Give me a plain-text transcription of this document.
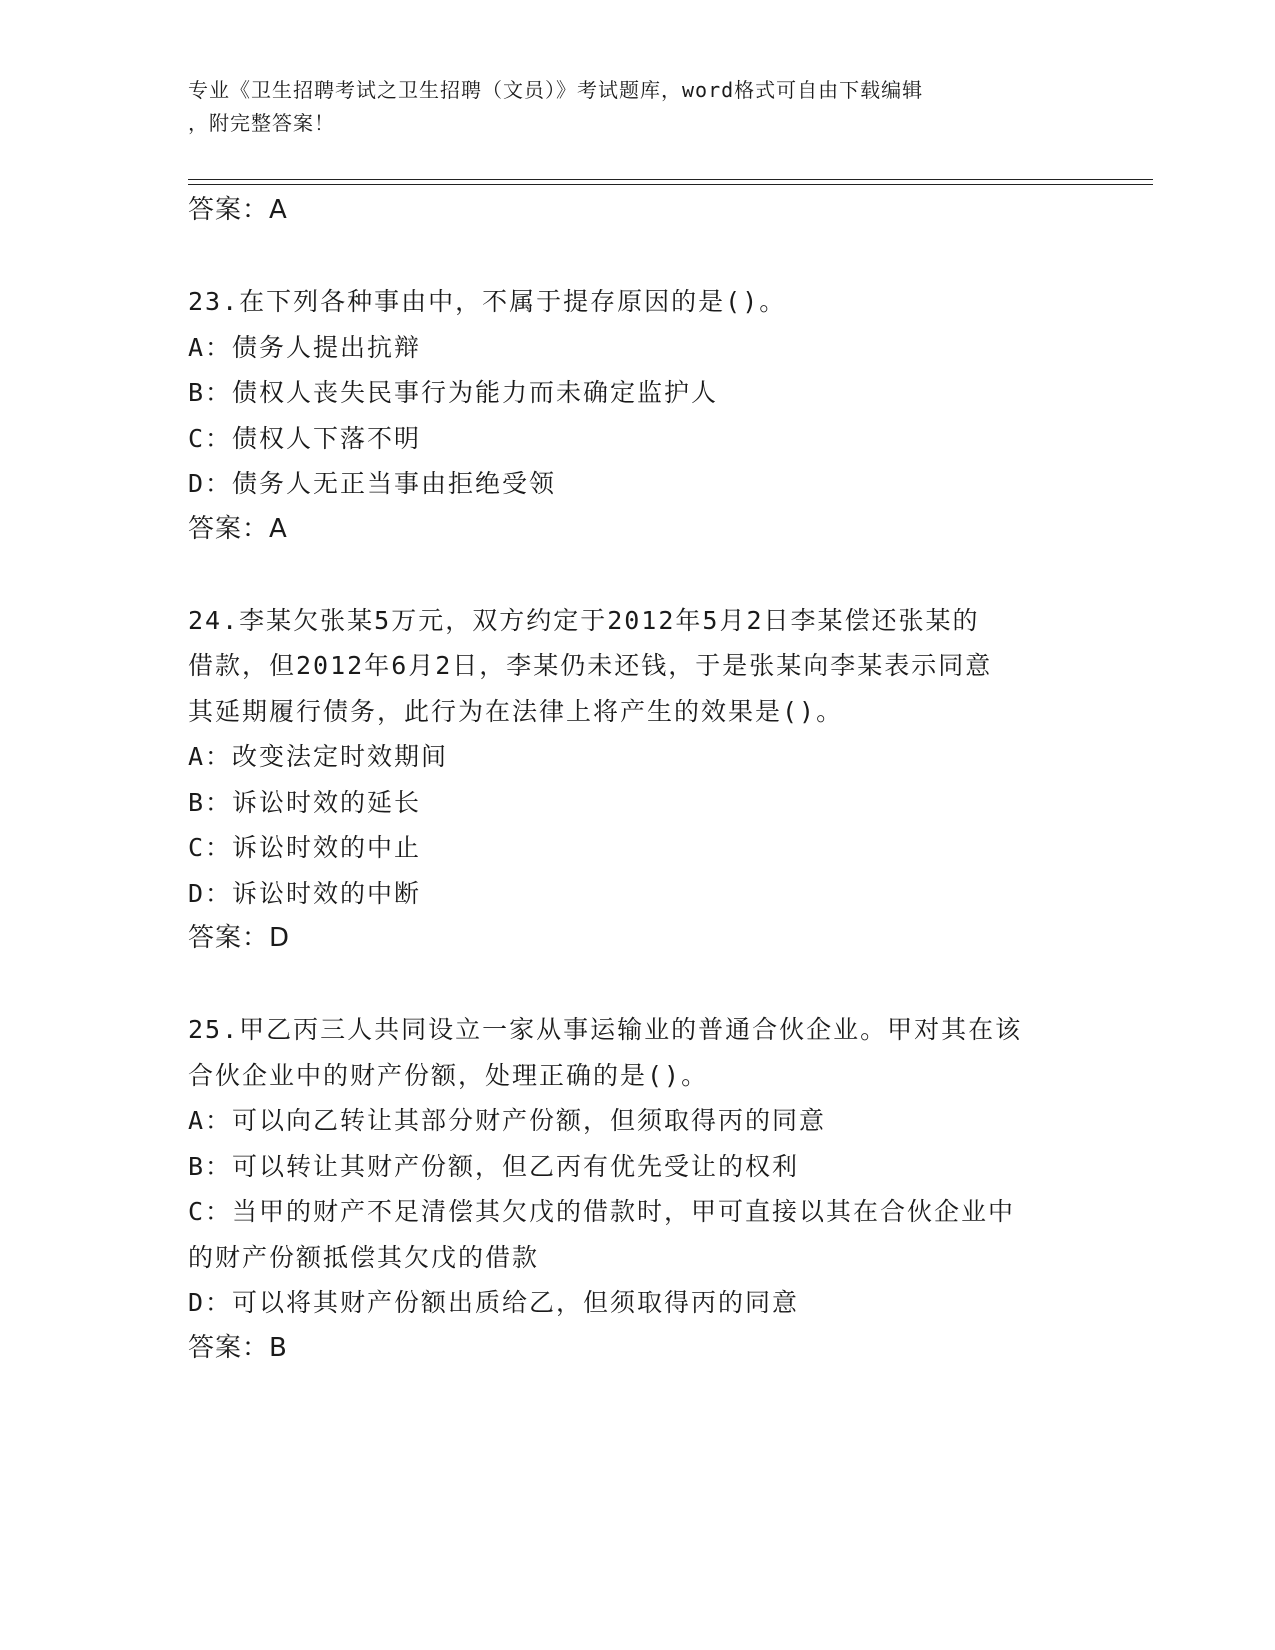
专业《卫生招聘考试之卫生招聘（文员）》考试题库，word格式可自由下载编辑
，附完整答案！
答案：A
23.在下列各种事由中，不属于提存原因的是()。
A：债务人提出抗辩
B：债权人丧失民事行为能力而未确定监护人
C：债权人下落不明
D：债务人无正当事由拒绝受领
答案：A
24.李某欠张某5万元，双方约定于2012年5月2日李某偿还张某的
借款，但2012年6月2日，李某仍未还钱，于是张某向李某表示同意
其延期履行债务，此行为在法律上将产生的效果是()。
A：改变法定时效期间
B：诉讼时效的延长
C：诉讼时效的中止
D：诉讼时效的中断
答案：D
25.甲乙丙三人共同设立一家从事运输业的普通合伙企业。甲对其在该
合伙企业中的财产份额，处理正确的是()。
A：可以向乙转让其部分财产份额，但须取得丙的同意
B：可以转让其财产份额，但乙丙有优先受让的权利
C：当甲的财产不足清偿其欠戊的借款时，甲可直接以其在合伙企业中
的财产份额抵偿其欠戊的借款
D：可以将其财产份额出质给乙，但须取得丙的同意
答案：B
